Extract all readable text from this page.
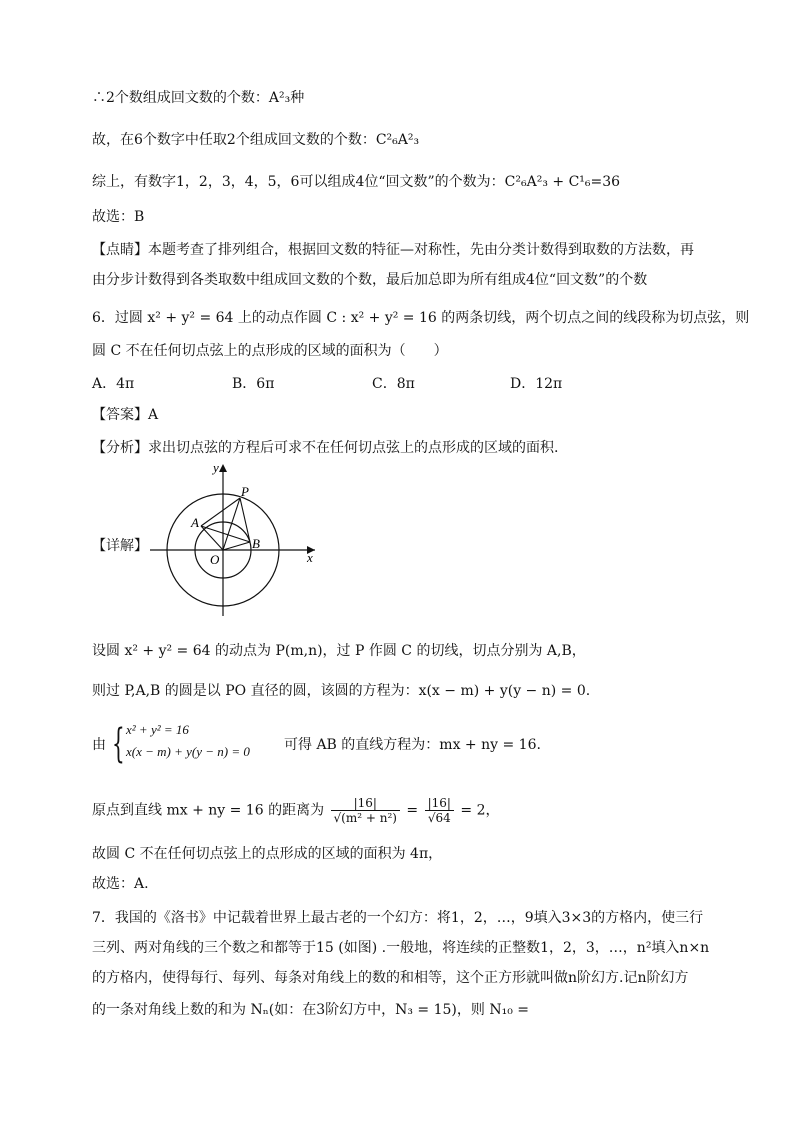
∴2个数组成回文数的个数：A²₃种
故，在6个数字中任取2个组成回文数的个数：C²₆A²₃
综上，有数字1，2，3，4，5，6可以组成4位“回文数”的个数为：C²₆A²₃ + C¹₆=36
故选：B
【点睛】本题考查了排列组合，根据回文数的特征—对称性，先由分类计数得到取数的方法数，再
由分步计数得到各类取数中组成回文数的个数，最后加总即为所有组成4位“回文数”的个数
6．过圆 x² + y² = 64 上的动点作圆 C : x² + y² = 16 的两条切线，两个切点之间的线段称为切点弦，则
圆 C 不在任何切点弦上的点形成的区域的面积为（　　）
A．4π	B．6π	C．8π	D．12π
【答案】A
【分析】求出切点弦的方程后可求不在任何切点弦上的点形成的区域的面积.
【详解】
y
x
P
A
B
O
设圆 x² + y² = 64 的动点为 P(m,n)，过 P 作圆 C 的切线，切点分别为 A,B，
则过 P,A,B 的圆是以 PO 直径的圆，该圆的方程为：x(x − m) + y(y − n) = 0.
由 { x² + y² = 16
x(x − m) + y(y − n) = 0 可得 AB 的直线方程为：mx + ny = 16.
原点到直线 mx + ny = 16 的距离为 $\frac{|16|}{\text{√(m² + n²)}} = \frac{|16|}{√64} = 2$，
故圆 C 不在任何切点弦上的点形成的区域的面积为 4π，
故选：A.
7．我国的《洛书》中记载着世界上最古老的一个幻方：将1，2，…，9填入3×3的方格内，使三行
三列、两对角线的三个数之和都等于15 (如图) .一般地，将连续的正整数1，2，3，…，n²填入n×n
的方格内，使得每行、每列、每条对角线上的数的和相等，这个正方形就叫做n阶幻方.记n阶幻方
的一条对角线上数的和为 Nₙ(如：在3阶幻方中，N₃ = 15)，则 N₁₀ =
